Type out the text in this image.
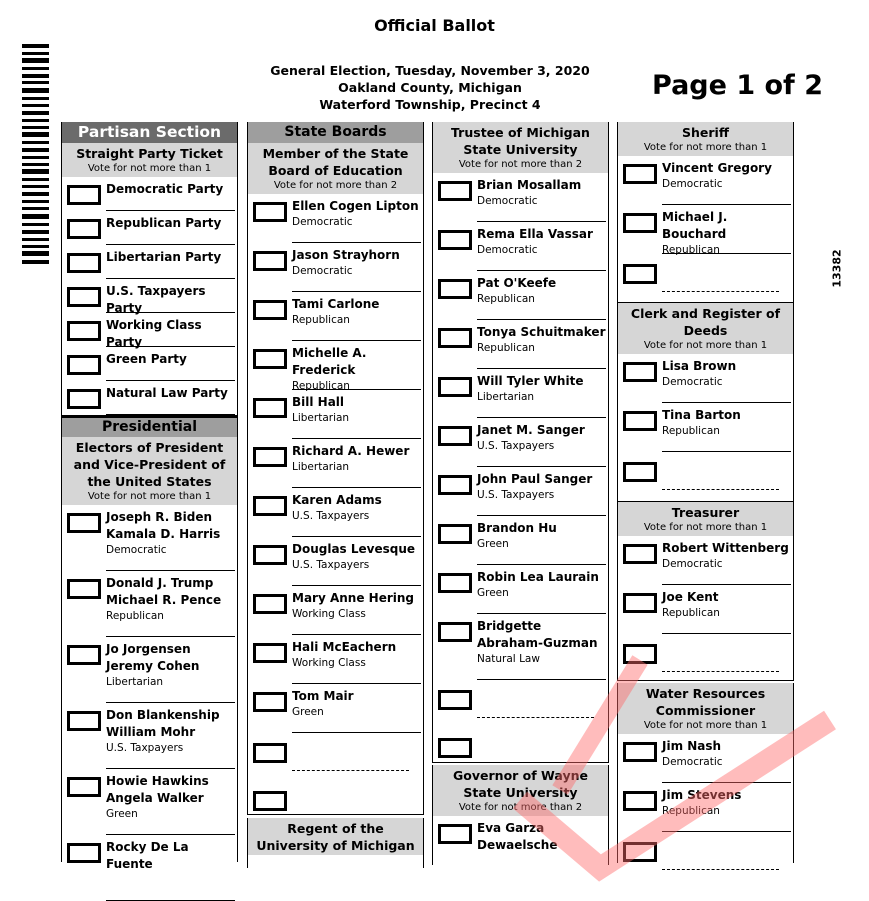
Official Ballot
General Election, Tuesday, November 3, 2020
Oakland County, Michigan
Waterford Township, Precinct 4
Page 1 of 2
13382
Partisan Section
Straight Party Ticket
Vote for not more than 1
Democratic Party
Republican Party
Libertarian Party
U.S. Taxpayers Party
Working Class Party
Green Party
Natural Law Party
Presidential
Electors of President and Vice-President of the United States
Vote for not more than 1
Joseph R. Biden
Kamala D. Harris
Democratic
Donald J. Trump
Michael R. Pence
Republican
Jo Jorgensen
Jeremy Cohen
Libertarian
Don Blankenship
William Mohr
U.S. Taxpayers
Howie Hawkins
Angela Walker
Green
Rocky De La Fuente
State Boards
Member of the State Board of Education
Vote for not more than 2
Ellen Cogen Lipton
Democratic
Jason Strayhorn
Democratic
Tami Carlone
Republican
Michelle A. Frederick
Republican
Bill Hall
Libertarian
Richard A. Hewer
Libertarian
Karen Adams
U.S. Taxpayers
Douglas Levesque
U.S. Taxpayers
Mary Anne Hering
Working Class
Hali McEachern
Working Class
Tom Mair
Green
Regent of the University of Michigan
Trustee of Michigan State University
Vote for not more than 2
Brian Mosallam
Democratic
Rema Ella Vassar
Democratic
Pat O'Keefe
Republican
Tonya Schuitmaker
Republican
Will Tyler White
Libertarian
Janet M. Sanger
U.S. Taxpayers
John Paul Sanger
U.S. Taxpayers
Brandon Hu
Green
Robin Lea Laurain
Green
Bridgette Abraham-Guzman
Natural Law
Governor of Wayne State University
Vote for not more than 2
Eva Garza Dewaelsche
Sheriff
Vote for not more than 1
Vincent Gregory
Democratic
Michael J. Bouchard
Republican
Clerk and Register of Deeds
Vote for not more than 1
Lisa Brown
Democratic
Tina Barton
Republican
Treasurer
Vote for not more than 1
Robert Wittenberg
Democratic
Joe Kent
Republican
Water Resources Commissioner
Vote for not more than 1
Jim Nash
Democratic
Jim Stevens
Republican
